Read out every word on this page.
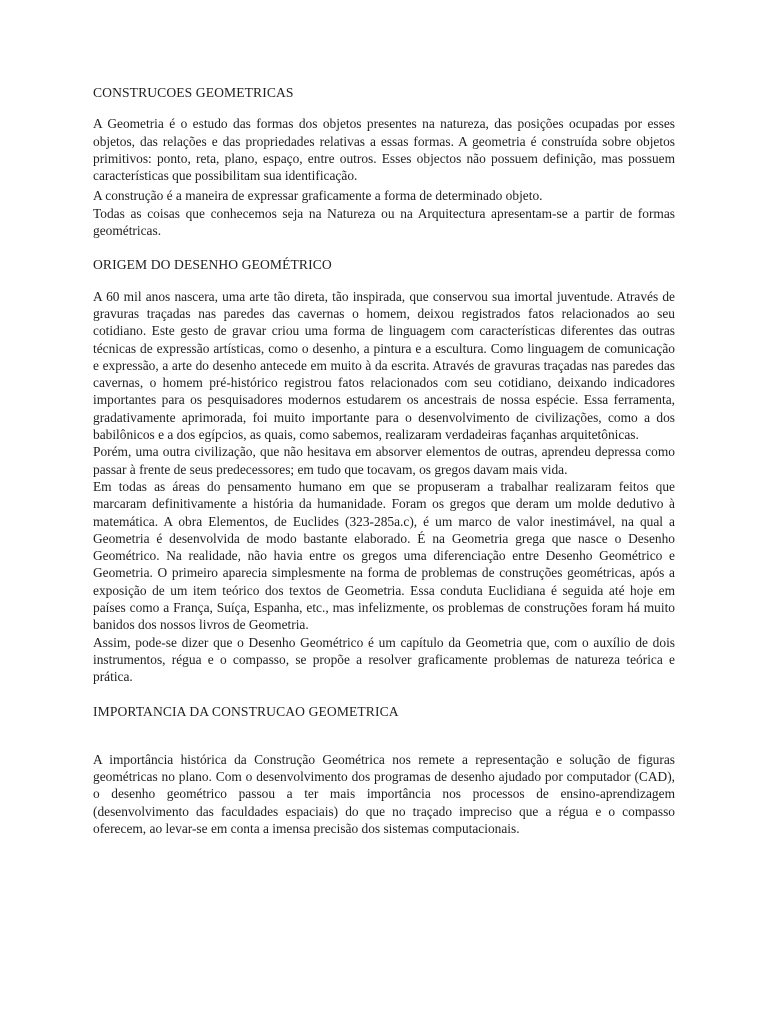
CONSTRUCOES GEOMETRICAS

A Geometria é o estudo das formas dos objetos presentes na natureza, das posições ocupadas por esses objetos, das relações e das propriedades relativas a essas formas. A geometria é construída sobre objetos primitivos: ponto, reta, plano, espaço, entre outros. Esses objectos não possuem definição, mas possuem características que possibilitam sua identificação.

A construção é a maneira de expressar graficamente a forma de determinado objeto.

Todas as coisas que conhecemos seja na Natureza ou na Arquitectura apresentam-se a partir de formas geométricas.

ORIGEM DO DESENHO GEOMÉTRICO

A 60 mil anos nascera, uma arte tão direta, tão inspirada, que conservou sua imortal juventude. Através de gravuras traçadas nas paredes das cavernas o homem, deixou registrados fatos relacionados ao seu cotidiano. Este gesto de gravar criou uma forma de linguagem com características diferentes das outras técnicas de expressão artísticas, como o desenho, a pintura e a escultura. Como linguagem de comunicação e expressão, a arte do desenho antecede em muito à da escrita. Através de gravuras traçadas nas paredes das cavernas, o homem pré-histórico registrou fatos relacionados com seu cotidiano, deixando indicadores importantes para os pesquisadores modernos estudarem os ancestrais de nossa espécie. Essa ferramenta, gradativamente aprimorada, foi muito importante para o desenvolvimento de civilizações, como a dos babilônicos e a dos egípcios, as quais, como sabemos, realizaram verdadeiras façanhas arquitetônicas.

Porém, uma outra civilização, que não hesitava em absorver elementos de outras, aprendeu depressa como passar à frente de seus predecessores; em tudo que tocavam, os gregos davam mais vida.

Em todas as áreas do pensamento humano em que se propuseram a trabalhar realizaram feitos que marcaram definitivamente a história da humanidade. Foram os gregos que deram um molde dedutivo à matemática. A obra Elementos, de Euclides (323-285a.c), é um marco de valor inestimável, na qual a Geometria é desenvolvida de modo bastante elaborado. É na Geometria grega que nasce o Desenho Geométrico. Na realidade, não havia entre os gregos uma diferenciação entre Desenho Geométrico e Geometria. O primeiro aparecia simplesmente na forma de problemas de construções geométricas, após a exposição de um item teórico dos textos de Geometria. Essa conduta Euclidiana é seguida até hoje em países como a França, Suíça, Espanha, etc., mas infelizmente, os problemas de construções foram há muito banidos dos nossos livros de Geometria.

Assim, pode-se dizer que o Desenho Geométrico é um capítulo da Geometria que, com o auxílio de dois instrumentos, régua e o compasso, se propõe a resolver graficamente problemas de natureza teórica e prática.

IMPORTANCIA DA CONSTRUCAO GEOMETRICA

A importância histórica da Construção Geométrica nos remete a representação e solução de figuras geométricas no plano. Com o desenvolvimento dos programas de desenho ajudado por computador (CAD), o desenho geométrico passou a ter mais importância nos processos de ensino-aprendizagem (desenvolvimento das faculdades espaciais) do que no traçado impreciso que a régua e o compasso oferecem, ao levar-se em conta a imensa precisão dos sistemas computacionais.
